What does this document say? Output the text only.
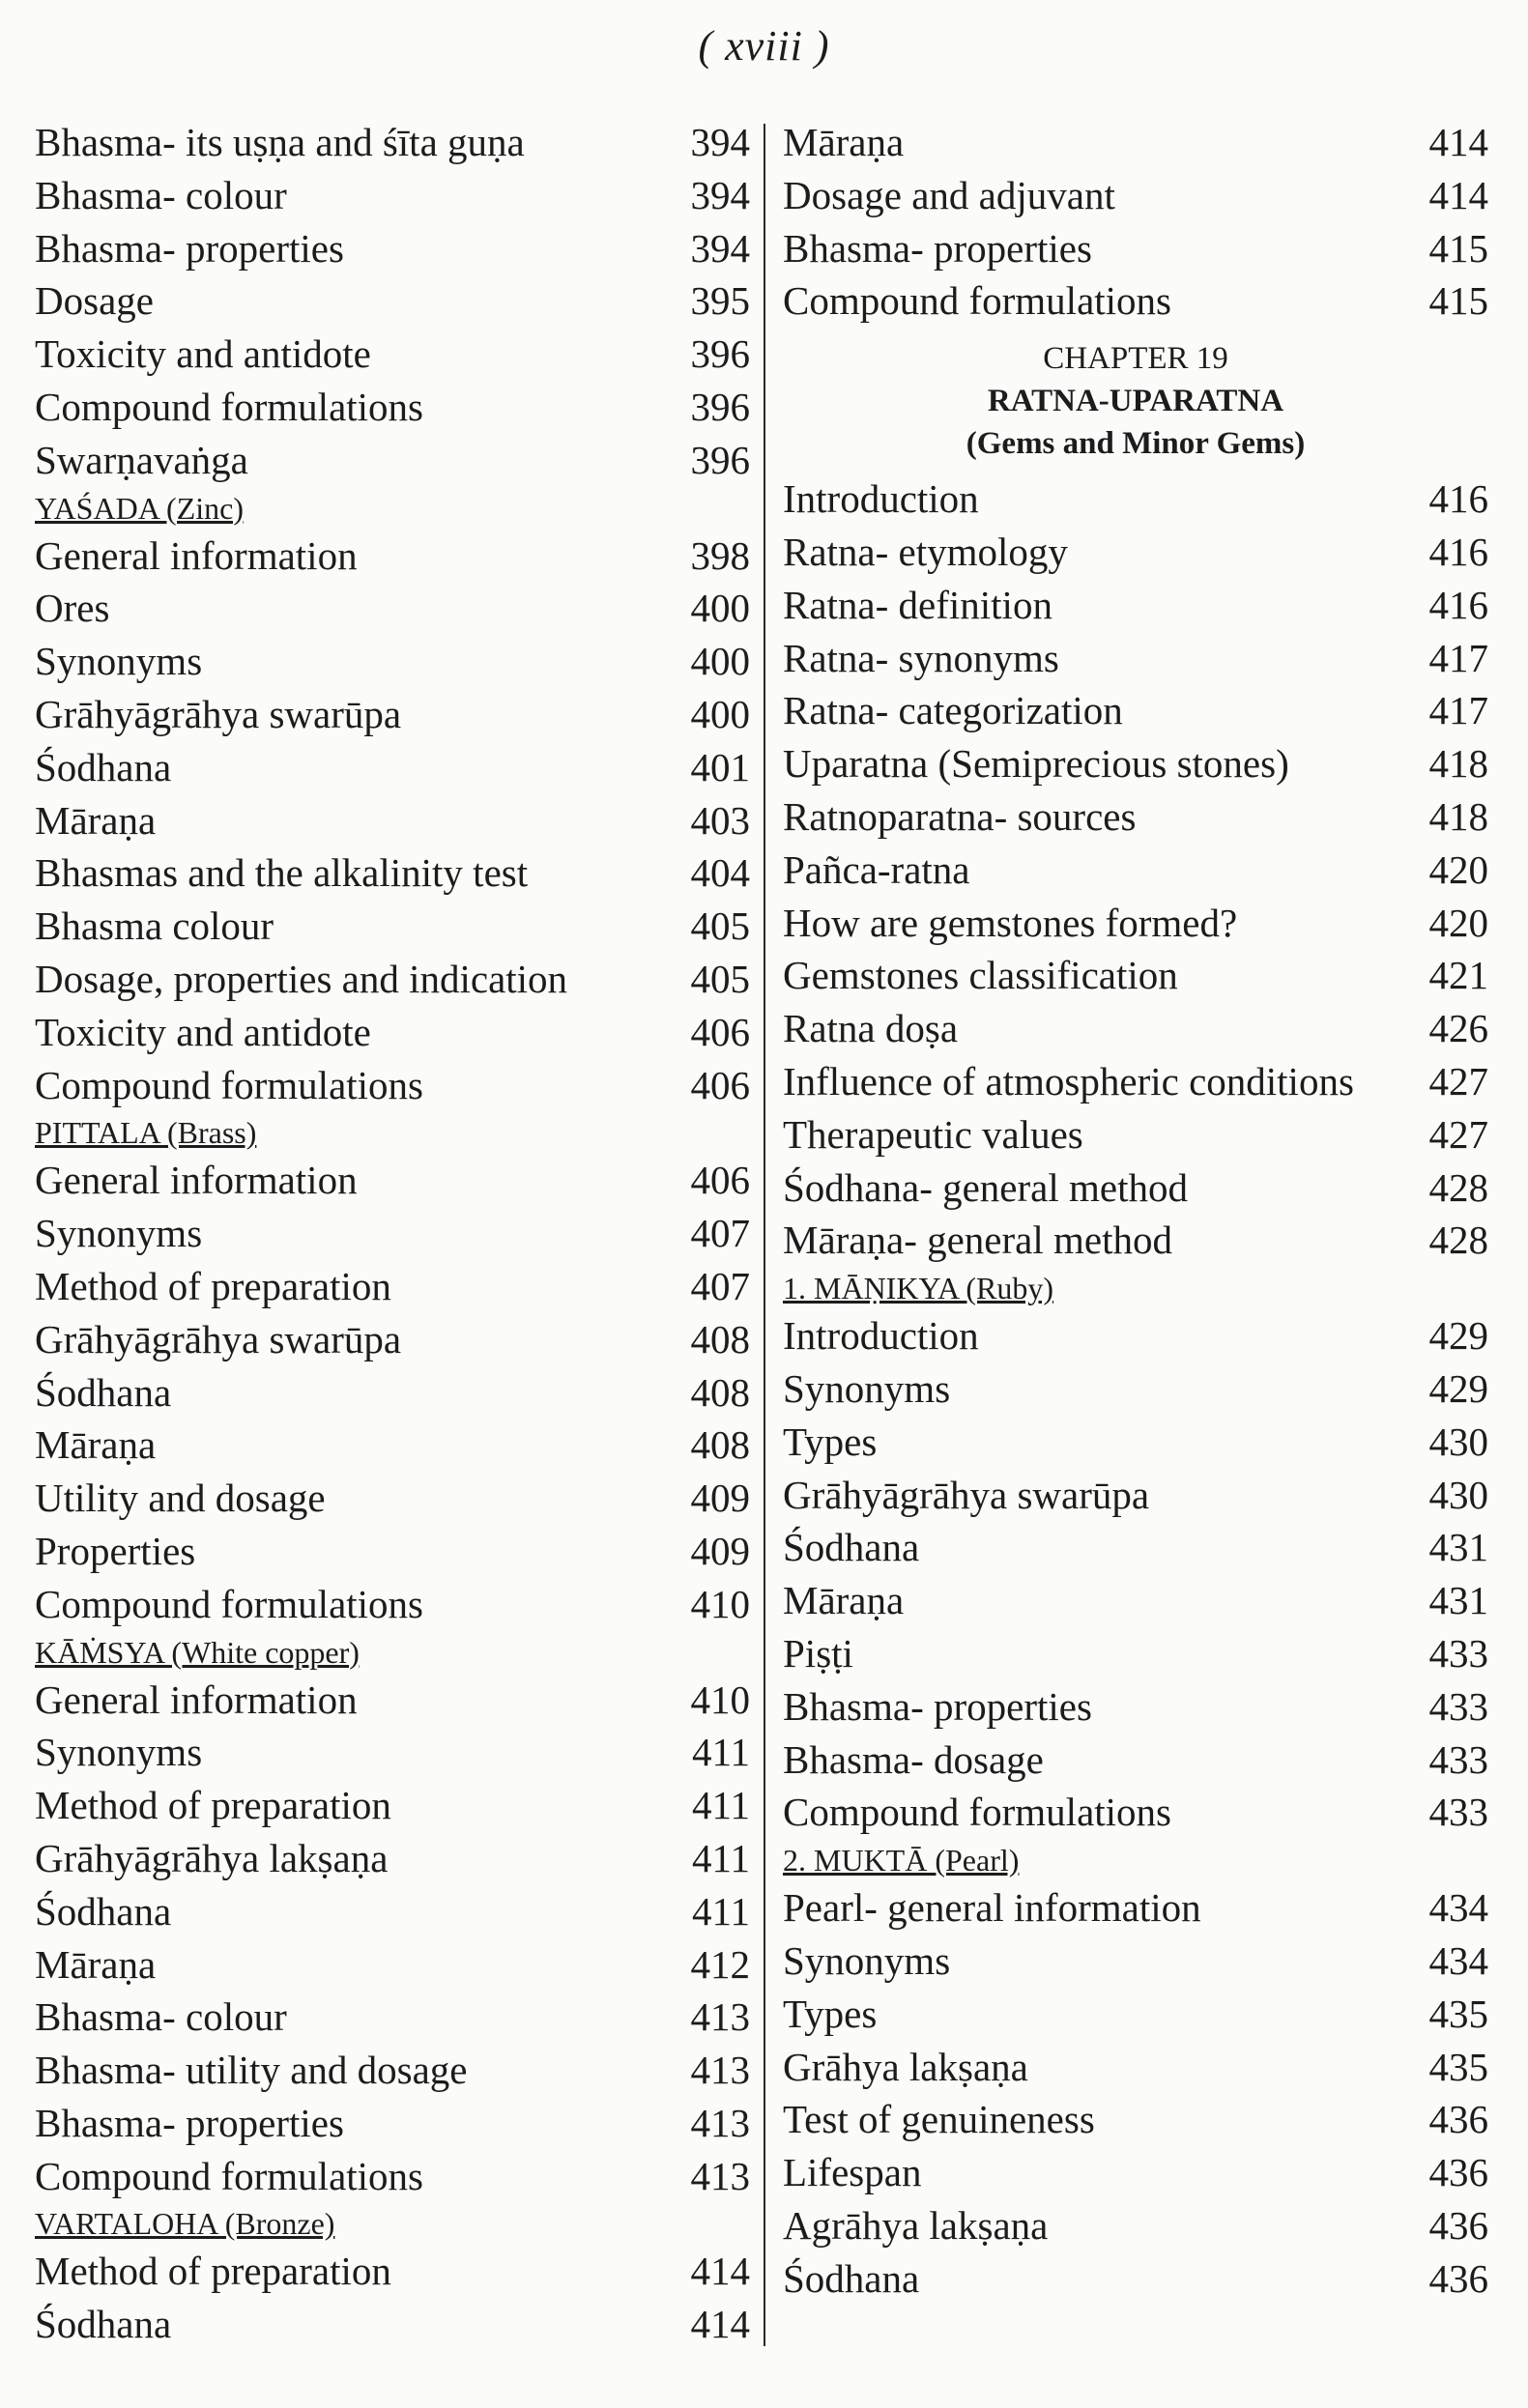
( xviii )
Bhasma- its uṣṇa and śīta guṇa	394
Bhasma- colour	394
Bhasma- properties	394
Dosage	395
Toxicity and antidote	396
Compound formulations	396
Swarṇavaṅga	396
YAŚADA (Zinc)
General information	398
Ores	400
Synonyms	400
Grāhyāgrāhya swarūpa	400
Śodhana	401
Māraṇa	403
Bhasmas and the alkalinity test	404
Bhasma colour	405
Dosage, properties and indication	405
Toxicity and antidote	406
Compound formulations	406
PITTALA (Brass)
General information	406
Synonyms	407
Method of preparation	407
Grāhyāgrāhya swarūpa	408
Śodhana	408
Māraṇa	408
Utility and dosage	409
Properties	409
Compound formulations	410
KĀṀSYA (White copper)
General information	410
Synonyms	411
Method of preparation	411
Grāhyāgrāhya lakṣaṇa	411
Śodhana	411
Māraṇa	412
Bhasma- colour	413
Bhasma- utility and dosage	413
Bhasma- properties	413
Compound formulations	413
VARTALOHA (Bronze)
Method of preparation	414
Śodhana	414
Māraṇa	414
Dosage and adjuvant	414
Bhasma- properties	415
Compound formulations	415
CHAPTER 19
RATNA-UPARATNA
(Gems and Minor Gems)
Introduction	416
Ratna- etymology	416
Ratna- definition	416
Ratna- synonyms	417
Ratna- categorization	417
Uparatna (Semiprecious stones)	418
Ratnoparatna- sources	418
Pañca-ratna	420
How are gemstones formed?	420
Gemstones classification	421
Ratna doṣa	426
Influence of atmospheric conditions 427
Therapeutic values	427
Śodhana- general method	428
Māraṇa- general method	428
1. MĀṆIKYA (Ruby)
Introduction	429
Synonyms	429
Types	430
Grāhyāgrāhya swarūpa	430
Śodhana	431
Māraṇa	431
Piṣṭi	433
Bhasma- properties	433
Bhasma- dosage	433
Compound formulations	433
2. MUKTĀ (Pearl)
Pearl- general information	434
Synonyms	434
Types	435
Grāhya lakṣaṇa	435
Test of genuineness	436
Lifespan	436
Agrāhya lakṣaṇa	436
Śodhana	436
